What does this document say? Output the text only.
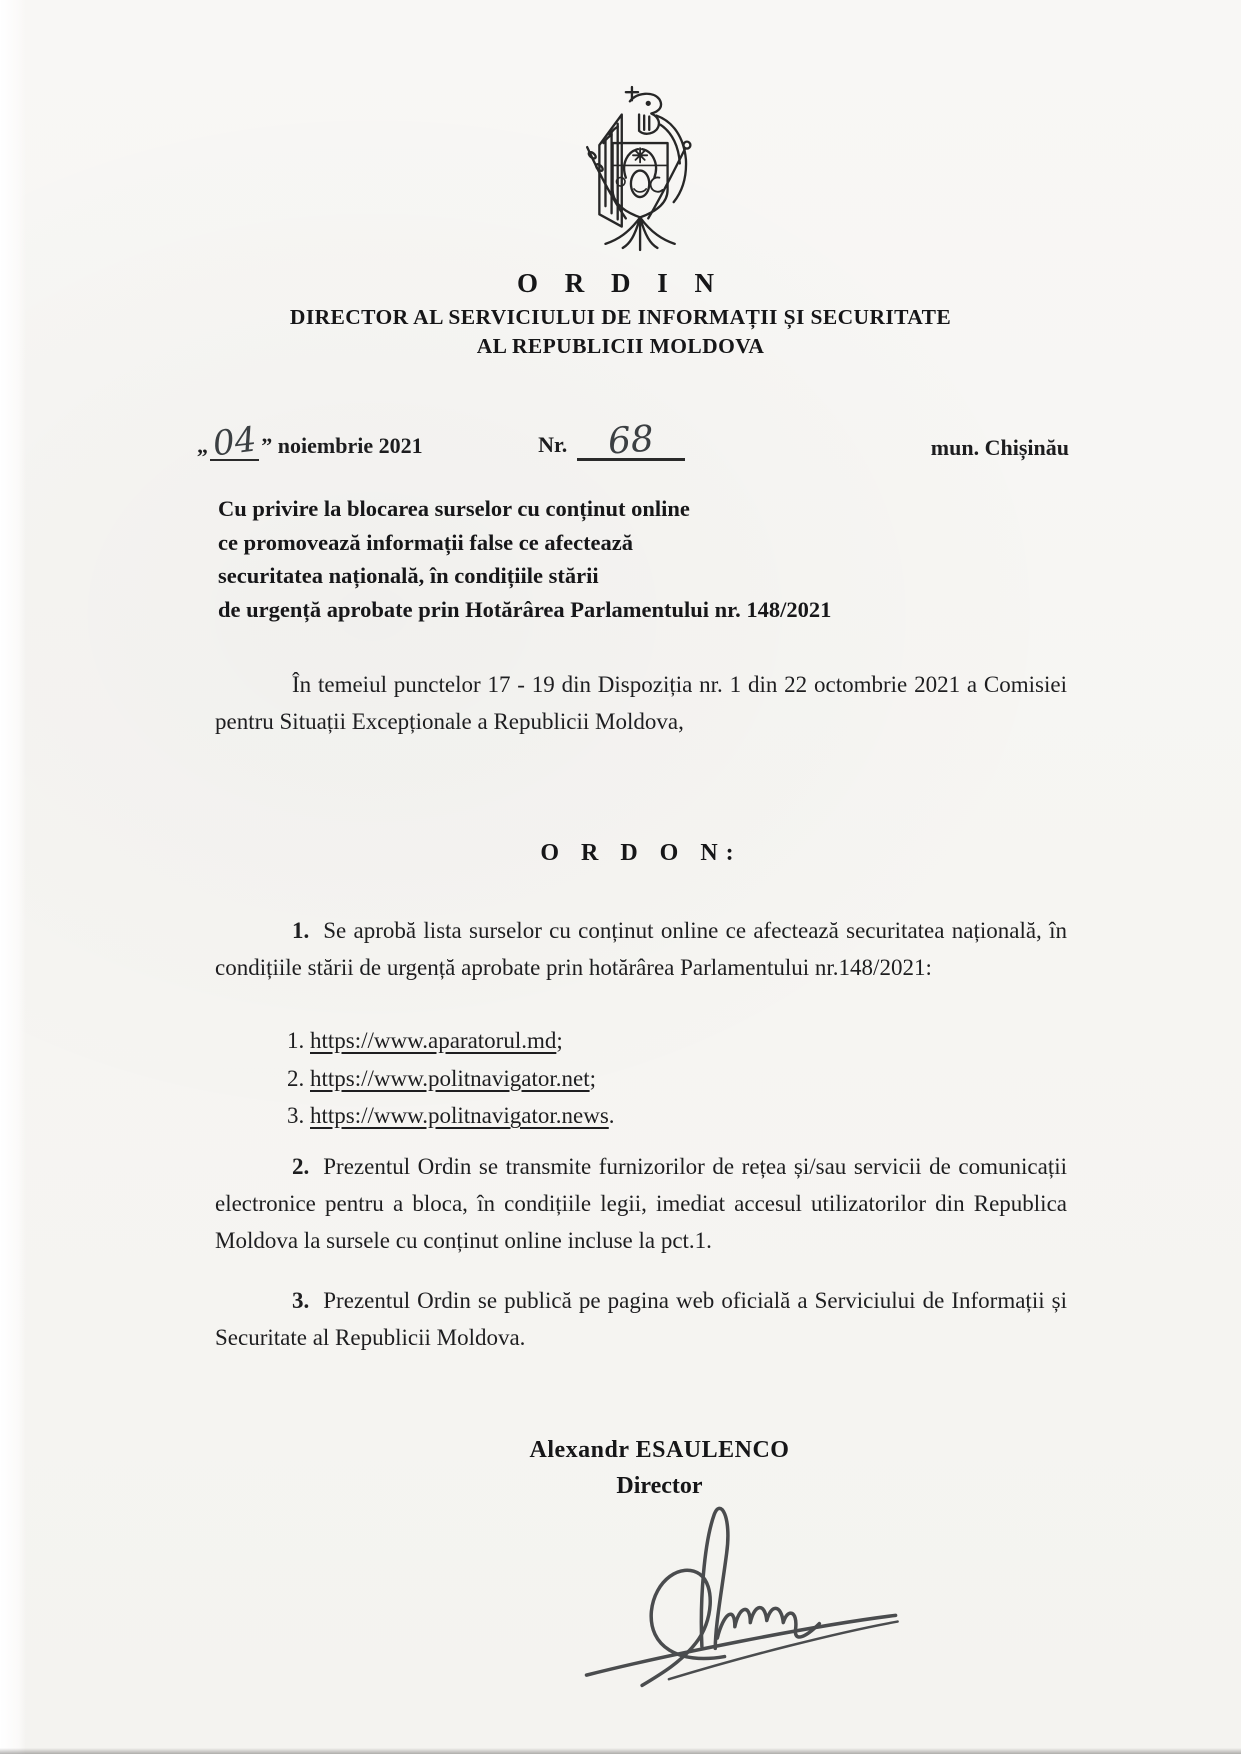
O R D I N
DIRECTOR AL SERVICIULUI DE INFORMAȚII ȘI SECURITATE
AL REPUBLICII MOLDOVA
„04 ” noiembrie 2021	Nr. 68	mun. Chișinău
Cu privire la blocarea surselor cu conținut online
ce promovează informații false ce afectează
securitatea națională, în condițiile stării
de urgență aprobate prin Hotărârea Parlamentului nr. 148/2021

În temeiul punctelor 17 - 19 din Dispoziția nr. 1 din 22 octombrie 2021 a Comisiei pentru Situații Excepționale a Republicii Moldova,

O R D O N:

1. Se aprobă lista surselor cu conținut online ce afectează securitatea națională, în condițiile stării de urgență aprobate prin hotărârea Parlamentului nr.148/2021:

1. https://www.aparatorul.md;
2. https://www.politnavigator.net;
3. https://www.politnavigator.news.

2. Prezentul Ordin se transmite furnizorilor de rețea și/sau servicii de comunicații electronice pentru a bloca, în condițiile legii, imediat accesul utilizatorilor din Republica Moldova la sursele cu conținut online incluse la pct.1.

3. Prezentul Ordin se publică pe pagina web oficială a Serviciului de Informații și Securitate al Republicii Moldova.

Alexandr ESAULENCO
Director
